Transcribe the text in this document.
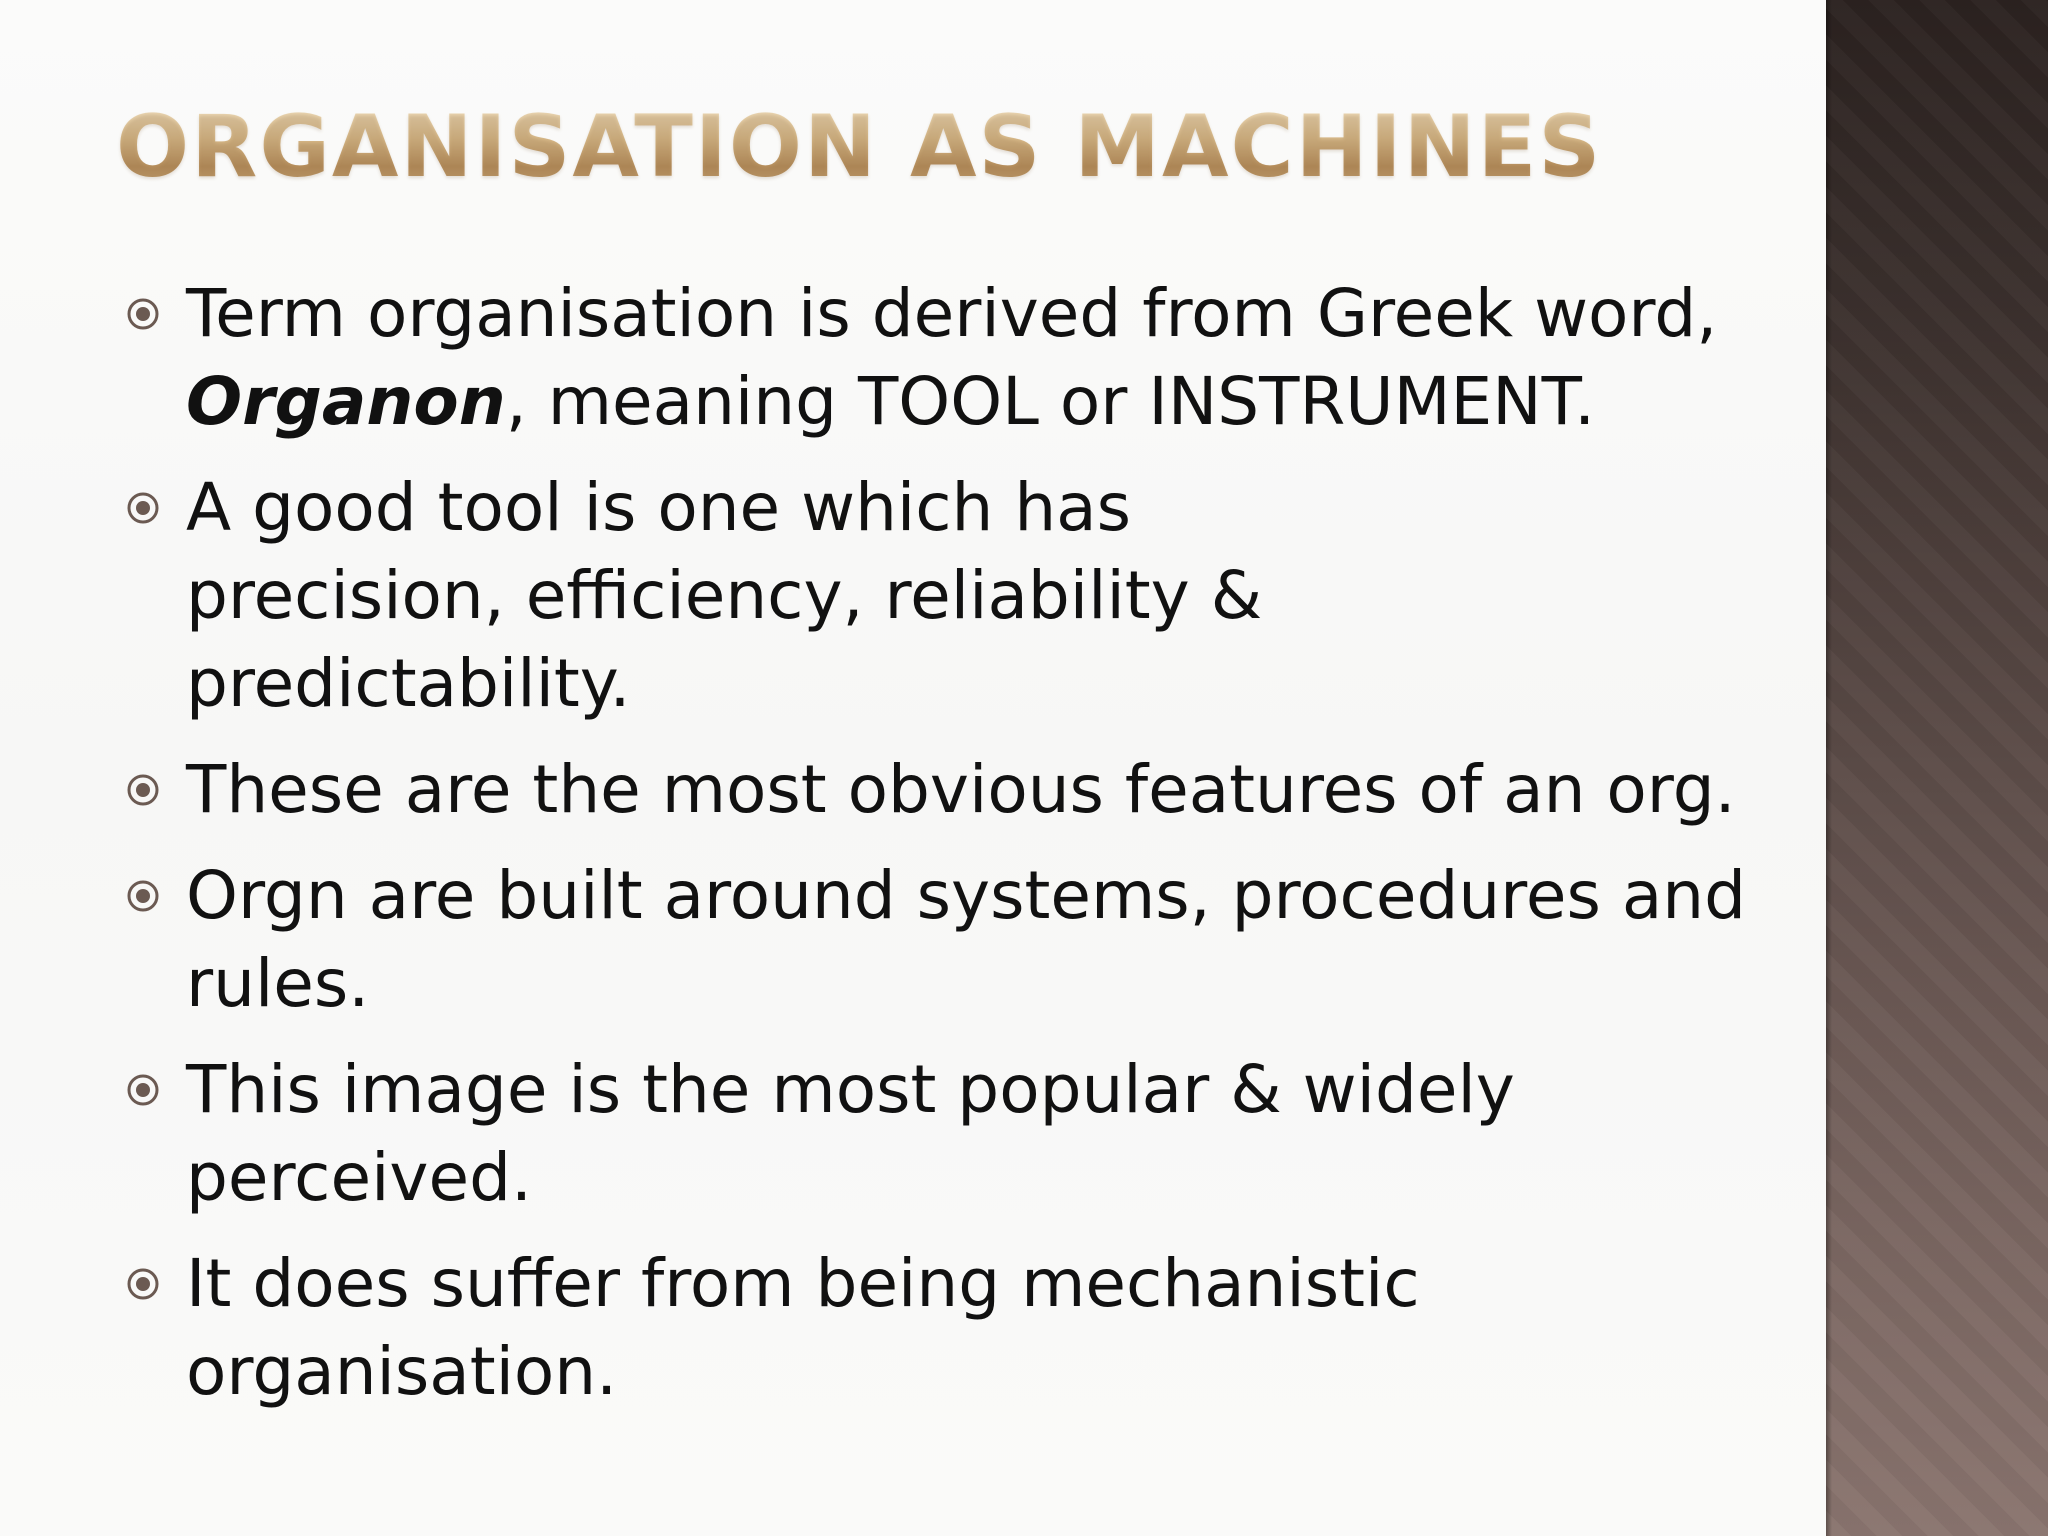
ORGANISATION AS MACHINES
Term organisation is derived from Greek word, Organon, meaning TOOL or INSTRUMENT.
A good tool is one which has precision, efficiency, reliability & predictability.
These are the most obvious features of an org.
Orgn are built around systems, procedures and rules.
This image is the most popular & widely perceived.
It does suffer from being mechanistic organisation.
